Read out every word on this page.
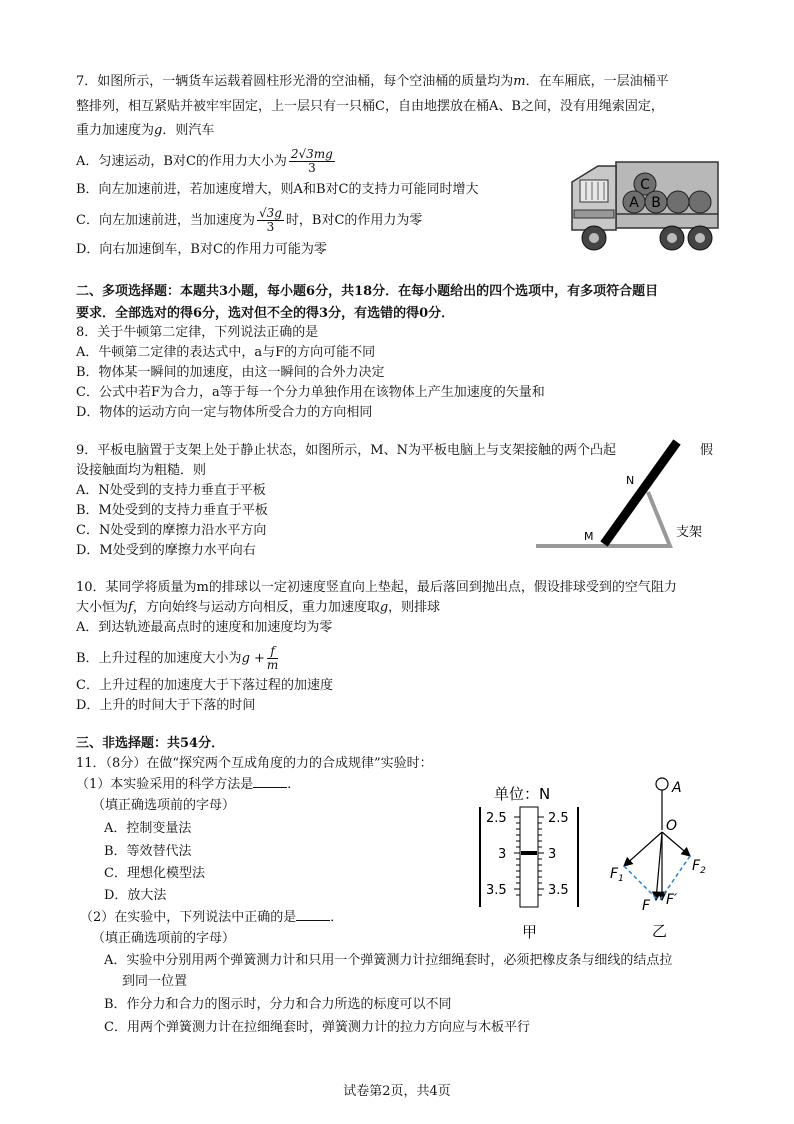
7．如图所示，一辆货车运载着圆柱形光滑的空油桶，每个空油桶的质量均为m．在车厢底，一层油桶平
整排列，相互紧贴并被牢牢固定，上一层只有一只桶C，自由地摆放在桶A、B之间，没有用绳索固定，
重力加速度为g．则汽车
A．匀速运动，B对C的作用力大小为 $\frac{2√3mg}{3}$
B．向左加速前进，若加速度增大，则A和B对C的支持力可能同时增大
C．向左加速前进，当加速度为 $\frac{√3g}{3}$ 时，B对C的作用力为零
D．向右加速倒车，B对C的作用力可能为零
C
A B
二、多项选择题：本题共3小题，每小题6分，共18分．在每小题给出的四个选项中，有多项符合题目
要求．全部选对的得6分，选对但不全的得3分，有选错的得0分．
8．关于牛顿第二定律，下列说法正确的是
A．牛顿第二定律的表达式中，a与F的方向可能不同
B．物体某一瞬间的加速度，由这一瞬间的合外力决定
C．公式中若F为合力，a等于每一个分力单独作用在该物体上产生加速度的矢量和
D．物体的运动方向一定与物体所受合力的方向相同
9．平板电脑置于支架上处于静止状态，如图所示，M、N为平板电脑上与支架接触的两个凸起	假
设接触面均为粗糙．则
A．N处受到的支持力垂直于平板
B．M处受到的支持力垂直于平板
C．N处受到的摩擦力沿水平方向
D．M处受到的摩擦力水平向右
N
M	支架
10．某同学将质量为m的排球以一定初速度竖直向上垫起，最后落回到抛出点，假设排球受到的空气阻力
大小恒为f，方向始终与运动方向相反，重力加速度取g，则排球
A．到达轨迹最高点时的速度和加速度均为零
B．上升过程的加速度大小为$g + \frac{f}{m}$
C．上升过程的加速度大于下落过程的加速度
D．上升的时间大于下落的时间
三、非选择题：共54分．
11．（8分）在做“探究两个互成角度的力的合成规律”实验时：
（1）本实验采用的科学方法是	．
（填正确选项前的字母）
A．控制变量法
B．等效替代法
C．理想化模型法
D．放大法
（2）在实验中，下列说法中正确的是	．
（填正确选项前的字母）
A．实验中分别用两个弹簧测力计和只用一个弹簧测力计拉细绳套时，必须把橡皮条与细线的结点拉
到同一位置
B．作分力和合力的图示时，分力和合力所选的标度可以不同
C．用两个弹簧测力计在拉细绳套时，弹簧测力计的拉力方向应与木板平行
单位：N
2.5
3
3.5
2.5
3
3.5
甲
A
O
$F_1$
$F_2$
F F′
乙
试卷第2页，共4页
